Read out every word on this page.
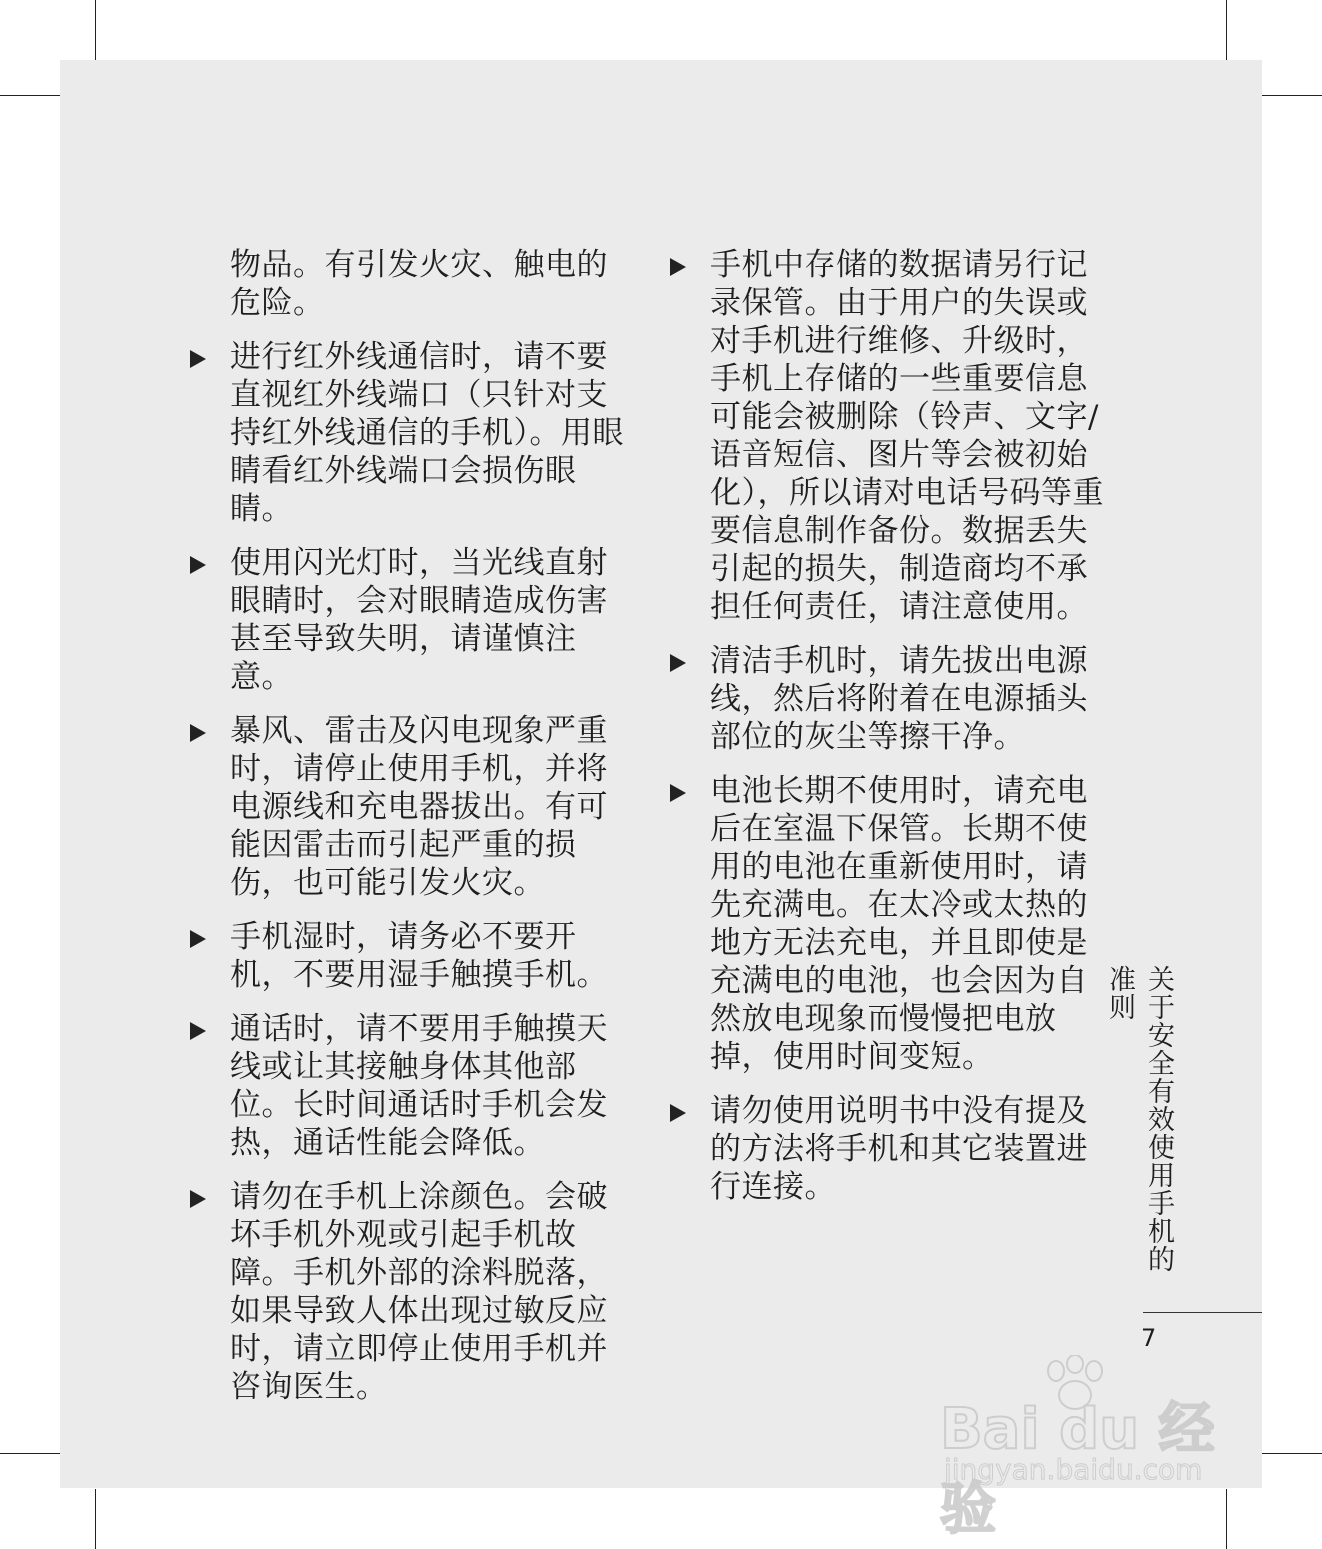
物品。有引发火灾、触电的危险。
进行红外线通信时，请不要直视红外线端口（只针对支持红外线通信的手机）。用眼睛看红外线端口会损伤眼睛。
使用闪光灯时，当光线直射眼睛时，会对眼睛造成伤害甚至导致失明，请谨慎注意。
暴风、雷击及闪电现象严重时，请停止使用手机，并将电源线和充电器拔出。有可能因雷击而引起严重的损伤，也可能引发火灾。
手机湿时，请务必不要开机，不要用湿手触摸手机。
通话时，请不要用手触摸天线或让其接触身体其他部位。长时间通话时手机会发热，通话性能会降低。
请勿在手机上涂颜色。会破坏手机外观或引起手机故障。手机外部的涂料脱落，如果导致人体出现过敏反应时，请立即停止使用手机并咨询医生。
手机中存储的数据请另行记录保管。由于用户的失误或对手机进行维修、升级时，手机上存储的一些重要信息可能会被删除（铃声、文字/语音短信、图片等会被初始化），所以请对电话号码等重要信息制作备份。数据丢失引起的损失，制造商均不承担任何责任，请注意使用。
清洁手机时，请先拔出电源线，然后将附着在电源插头部位的灰尘等擦干净。
电池长期不使用时，请充电后在室温下保管。长期不使用的电池在重新使用时，请先充满电。在太冷或太热的地方无法充电，并且即使是充满电的电池，也会因为自然放电现象而慢慢把电放掉，使用时间变短。
请勿使用说明书中没有提及的方法将手机和其它装置进行连接。	关于安全有效使用手机的准则
7
Bai du 经验
jingyan.baidu.com
